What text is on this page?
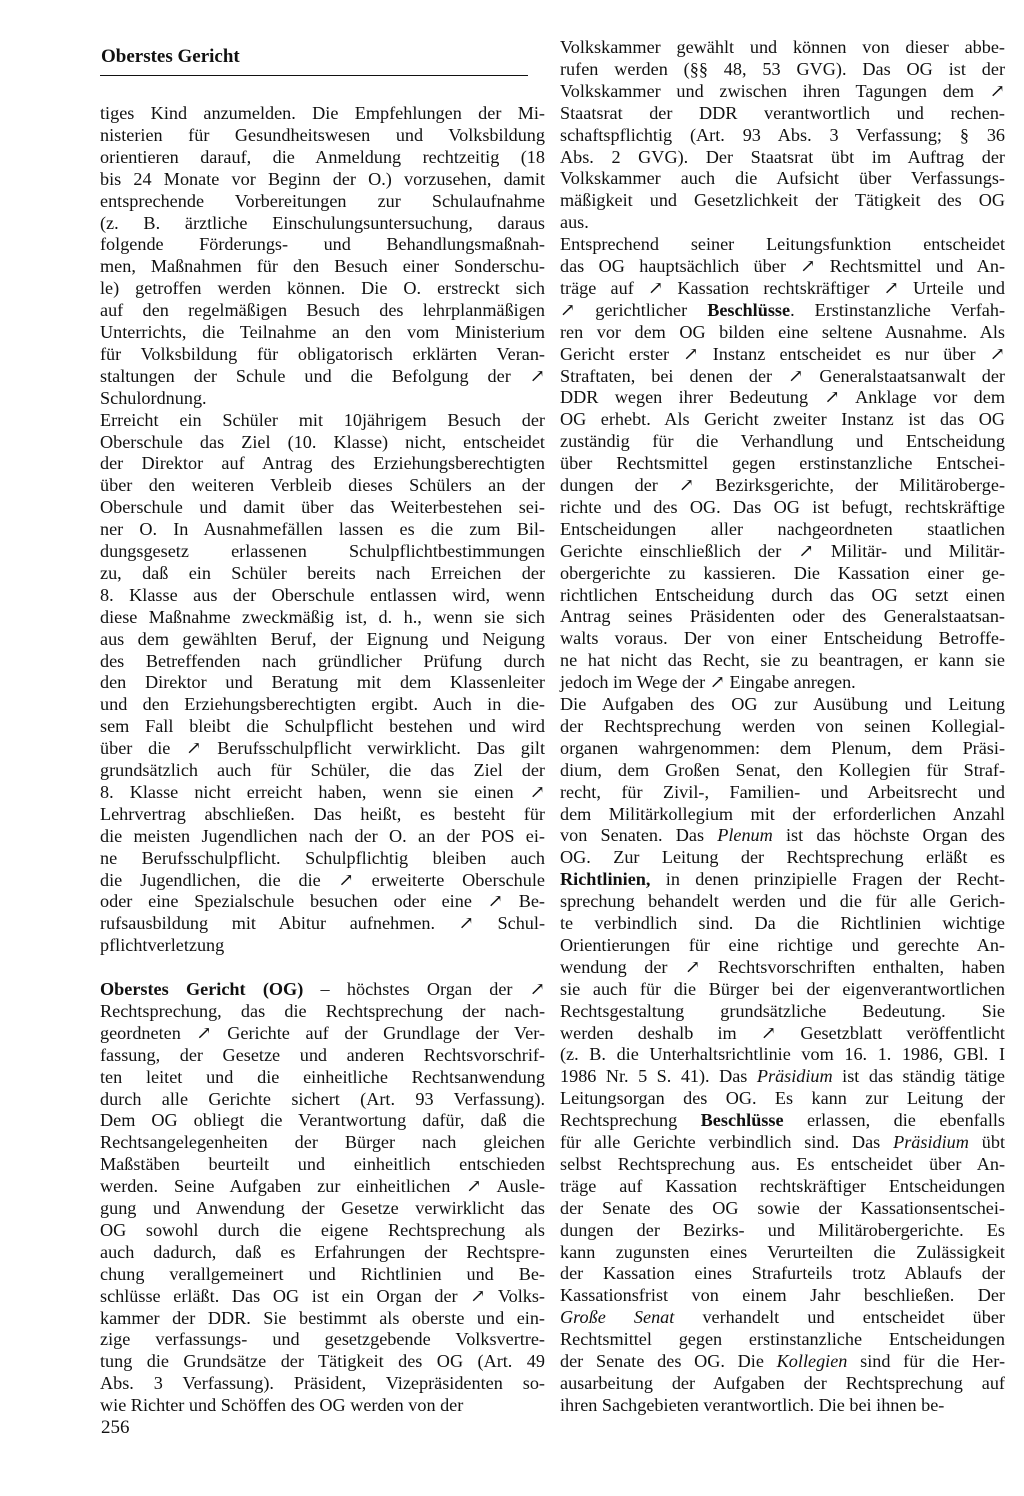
Oberstes Gericht
tiges Kind anzumelden. Die Empfehlungen der Mi-
nisterien für Gesundheitswesen und Volksbildung
orientieren darauf, die Anmeldung rechtzeitig (18
bis 24 Monate vor Beginn der O.) vorzusehen, damit
entsprechende Vorbereitungen zur Schulaufnahme
(z. B. ärztliche Einschulungsuntersuchung, daraus
folgende Förderungs- und Behandlungsmaßnah-
men, Maßnahmen für den Besuch einer Sonderschu-
le) getroffen werden können. Die O. erstreckt sich
auf den regelmäßigen Besuch des lehrplanmäßigen
Unterrichts, die Teilnahme an den vom Ministerium
für Volksbildung für obligatorisch erklärten Veran-
staltungen der Schule und die Befolgung der ↗
Schulordnung.
Erreicht ein Schüler mit 10jährigem Besuch der
Oberschule das Ziel (10. Klasse) nicht, entscheidet
der Direktor auf Antrag des Erziehungsberechtigten
über den weiteren Verbleib dieses Schülers an der
Oberschule und damit über das Weiterbestehen sei-
ner O. In Ausnahmefällen lassen es die zum Bil-
dungsgesetz erlassenen Schulpflichtbestimmungen
zu, daß ein Schüler bereits nach Erreichen der
8. Klasse aus der Oberschule entlassen wird, wenn
diese Maßnahme zweckmäßig ist, d. h., wenn sie sich
aus dem gewählten Beruf, der Eignung und Neigung
des Betreffenden nach gründlicher Prüfung durch
den Direktor und Beratung mit dem Klassenleiter
und den Erziehungsberechtigten ergibt. Auch in die-
sem Fall bleibt die Schulpflicht bestehen und wird
über die ↗ Berufsschulpflicht verwirklicht. Das gilt
grundsätzlich auch für Schüler, die das Ziel der
8. Klasse nicht erreicht haben, wenn sie einen ↗
Lehrvertrag abschließen. Das heißt, es besteht für
die meisten Jugendlichen nach der O. an der POS ei-
ne Berufsschulpflicht. Schulpflichtig bleiben auch
die Jugendlichen, die die ↗ erweiterte Oberschule
oder eine Spezialschule besuchen oder eine ↗ Be-
rufsausbildung mit Abitur aufnehmen. ↗ Schul-
pflichtverletzung
Oberstes Gericht (OG) – höchstes Organ der ↗
Rechtsprechung, das die Rechtsprechung der nach-
geordneten ↗ Gerichte auf der Grundlage der Ver-
fassung, der Gesetze und anderen Rechtsvorschrif-
ten leitet und die einheitliche Rechtsanwendung
durch alle Gerichte sichert (Art. 93 Verfassung).
Dem OG obliegt die Verantwortung dafür, daß die
Rechtsangelegenheiten der Bürger nach gleichen
Maßstäben beurteilt und einheitlich entschieden
werden. Seine Aufgaben zur einheitlichen ↗ Ausle-
gung und Anwendung der Gesetze verwirklicht das
OG sowohl durch die eigene Rechtsprechung als
auch dadurch, daß es Erfahrungen der Rechtspre-
chung verallgemeinert und Richtlinien und Be-
schlüsse erläßt. Das OG ist ein Organ der ↗ Volks-
kammer der DDR. Sie bestimmt als oberste und ein-
zige verfassungs- und gesetzgebende Volksvertre-
tung die Grundsätze der Tätigkeit des OG (Art. 49
Abs. 3 Verfassung). Präsident, Vizepräsidenten so-
wie Richter und Schöffen des OG werden von der
Volkskammer gewählt und können von dieser abbe-
rufen werden (§§ 48, 53 GVG). Das OG ist der
Volkskammer und zwischen ihren Tagungen dem ↗
Staatsrat der DDR verantwortlich und rechen-
schaftspflichtig (Art. 93 Abs. 3 Verfassung; § 36
Abs. 2 GVG). Der Staatsrat übt im Auftrag der
Volkskammer auch die Aufsicht über Verfassungs-
mäßigkeit und Gesetzlichkeit der Tätigkeit des OG
aus.
Entsprechend seiner Leitungsfunktion entscheidet
das OG hauptsächlich über ↗ Rechtsmittel und An-
träge auf ↗ Kassation rechtskräftiger ↗ Urteile und
↗ gerichtlicher Beschlüsse. Erstinstanzliche Verfah-
ren vor dem OG bilden eine seltene Ausnahme. Als
Gericht erster ↗ Instanz entscheidet es nur über ↗
Straftaten, bei denen der ↗ Generalstaatsanwalt der
DDR wegen ihrer Bedeutung ↗ Anklage vor dem
OG erhebt. Als Gericht zweiter Instanz ist das OG
zuständig für die Verhandlung und Entscheidung
über Rechtsmittel gegen erstinstanzliche Entschei-
dungen der ↗ Bezirksgerichte, der Militärobergе-
richte und des OG. Das OG ist befugt, rechtskräftige
Entscheidungen aller nachgeordneten staatlichen
Gerichte einschließlich der ↗ Militär- und Militär-
obergerichte zu kassieren. Die Kassation einer ge-
richtlichen Entscheidung durch das OG setzt einen
Antrag seines Präsidenten oder des Generalstaatsan-
walts voraus. Der von einer Entscheidung Betroffe-
ne hat nicht das Recht, sie zu beantragen, er kann sie
jedoch im Wege der ↗ Eingabe anregen.
Die Aufgaben des OG zur Ausübung und Leitung
der Rechtsprechung werden von seinen Kollegial-
organen wahrgenommen: dem Plenum, dem Präsi-
dium, dem Großen Senat, den Kollegien für Straf-
recht, für Zivil-, Familien- und Arbeitsrecht und
dem Militärkollegium mit der erforderlichen Anzahl
von Senaten. Das Plenum ist das höchste Organ des
OG. Zur Leitung der Rechtsprechung erläßt es
Richtlinien, in denen prinzipielle Fragen der Recht-
sprechung behandelt werden und die für alle Gerich-
te verbindlich sind. Da die Richtlinien wichtige
Orientierungen für eine richtige und gerechte An-
wendung der ↗ Rechtsvorschriften enthalten, haben
sie auch für die Bürger bei der eigenverantwortlichen
Rechtsgestaltung grundsätzliche Bedeutung. Sie
werden deshalb im ↗ Gesetzblatt veröffentlicht
(z. B. die Unterhaltsrichtlinie vom 16. 1. 1986, GBl. I
1986 Nr. 5 S. 41). Das Präsidium ist das ständig tätige
Leitungsorgan des OG. Es kann zur Leitung der
Rechtsprechung Beschlüsse erlassen, die ebenfalls
für alle Gerichte verbindlich sind. Das Präsidium übt
selbst Rechtsprechung aus. Es entscheidet über An-
träge auf Kassation rechtskräftiger Entscheidungen
der Senate des OG sowie der Kassationsentschei-
dungen der Bezirks- und Militärobergerichte. Es
kann zugunsten eines Verurteilten die Zulässigkeit
der Kassation eines Strafurteils trotz Ablaufs der
Kassationsfrist von einem Jahr beschließen. Der
Große Senat verhandelt und entscheidet über
Rechtsmittel gegen erstinstanzliche Entscheidungen
der Senate des OG. Die Kollegien sind für die Her-
ausarbeitung der Aufgaben der Rechtsprechung auf
ihren Sachgebieten verantwortlich. Die bei ihnen be-
256
